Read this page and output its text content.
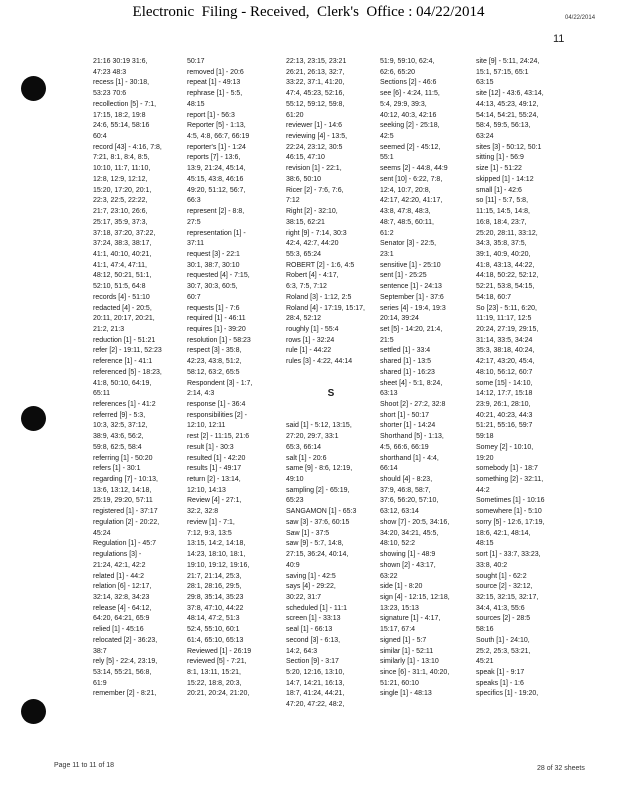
Electronic  Filing - Received,  Clerk's  Office : 04/22/2014	04/22/2014
11
21:16 30:19 31:6,
47:23 48:3
recess [1] - 30:18,
53:23 70:6
recollection [5] - 7:1,
17:15, 18:2, 19:8
24:6, 55:14, 58:16
60:4
record [43] - 4:16, 7:8,
7:21, 8:1, 8:4, 8:5,
10:10, 11:7, 11:10,
12:8, 12:9, 12:12,
15:20, 17:20, 20:1,
22:3, 22:5, 22:22,
21:7, 23:10, 26:6,
25:17, 35:9, 37:3,
37:18, 37:20, 37:22,
37:24, 38:3, 38:17,
41:1, 40:10, 40:21,
41:1, 47:4, 47:11,
48:12, 50:21, 51:1,
52:10, 51:5, 64:8
records [4] - 51:10
redacted [4] - 20:5,
20:11, 20:17, 20:21,
21:2, 21:3
reduction [1] - 51:21
refer [2] - 19:11, 52:23
reference [1] - 41:1
referenced [5] - 18:23,
41:8, 50:10, 64:19,
65:11
references [1] - 41:2
referred [9] - 5:3,
10:3, 32:5, 37:12,
38:9, 43:6, 56:2,
59:8, 62:5, 58:4
referring [1] - 50:20
refers [1] - 30:1
regarding [7] - 10:13,
13:6, 13:12, 14:18,
25:19, 29:20, 57:11
registered [1] - 37:17
regulation [2] - 20:22,
45:24
Regulation [1] - 45:7
regulations [3] -
21:24, 42:1, 42:2
related [1] - 44:2
relation [6] - 12:17,
32:14, 32:8, 34:23
release [4] - 64:12,
64:20, 64:21, 65:9
relied [1] - 45:16
relocated [2] - 36:23,
38:7
rely [5] - 22:4, 23:19,
53:14, 55:21, 56:8,
61:9
remember [2] - 8:21,
50:17
removed [1] - 20:6
repeat [1] - 49:13
rephrase [1] - 5:5,
48:15
report [1] - 56:3
Reporter [5] - 1:13,
4:5, 4:8, 66:7, 66:19
reporter's [1] - 1:24
reports [7] - 13:6,
13:9, 21:24, 45:14,
45:15, 43:8, 46:16
49:20, 51:12, 56:7,
66:3
represent [2] - 8:8,
27:5
representation [1] -
37:11
request [3] - 22:1
30:1, 38:7, 30:10
requested [4] - 7:15,
30:7, 30:3, 60:5,
60:7
requests [1] - 7:6
required [1] - 46:11
requires [1] - 39:20
resolution [1] - 58:23
respect [3] - 35:8,
42:23, 43:8, 51:2,
58:12, 63:2, 65:5
Respondent [3] - 1:7,
2:14, 4:3
response [1] - 36:4
responsibilities [2] -
12:10, 12:11
rest [2] - 11:15, 21:6
result [1] - 30:3
resulted [1] - 42:20
results [1] - 49:17
return [2] - 13:14,
12:10, 14:13
Review [4] - 27:1,
32:2, 32:8
review [1] - 7:1,
7:12, 9:3, 13:5
13:15, 14:2, 14:18,
14:23, 18:10, 18:1,
19:10, 19:12, 19:16,
21:7, 21:14, 25:3,
28:1, 28:16, 29:5,
29:8, 35:14, 35:23
37:8, 47:10, 44:22
48:14, 47:2, 51:3
52:4, 55:10, 60:1
61:4, 65:10, 65:13
Reviewed [1] - 26:19
reviewed [5] - 7:21,
8:1, 13:11, 15:21,
15:22, 18:8, 20:3,
20:21, 20:24, 21:20,
22:13, 23:15, 23:21
26:21, 26:13, 32:7,
33:22, 37:1, 41:20,
47:4, 45:23, 52:16,
55:12, 59:12, 59:8,
61:20
reviewer [1] - 14:6
reviewing [4] - 13:5,
22:24, 23:12, 30:5
46:15, 47:10
revision [1] - 22:1,
38:6, 50:10
Ricer [2] - 7:6, 7:6,
7:12
Right [2] - 32:10,
38:15, 62:21
right [9] - 7:14, 30:3
42:4, 42:7, 44:20
55:3, 65:24
ROBERT [2] - 1:6, 4:5
Robert [4] - 4:17,
6:3, 7:5, 7:12
Roland [3] - 1:12, 2:5
Roland [4] - 17:19, 15:17,
28:4, 52:12
roughly [1] - 55:4
rows [1] - 32:24
rule [1] - 44:22
rules [3] - 4:22, 44:14
S
said [1] - 5:12, 13:15,
27:20, 29:7, 33:1
65:3, 66:14
salt [1] - 20:6
same [9] - 8:6, 12:19,
49:10
sampling [2] - 65:19,
65:23
SANGAMON [1] - 65:3
saw [3] - 37:6, 60:15
Saw [1] - 37:5
saw [9] - 5:7, 14:8,
27:15, 36:24, 40:14,
40:9
saving [1] - 42:5
says [4] - 29:22,
30:22, 31:7
scheduled [1] - 11:1
screen [1] - 33:13
seal [1] - 66:13
second [3] - 6:13,
14:2, 64:3
Section [9] - 3:17
5:20, 12:16, 13:10,
14:7, 14:21, 16:13,
18:7, 41:24, 44:21,
47:20, 47:22, 48:2,
51:9, 59:10, 62:4,
62:6, 65:20
Sections [2] - 46:6
see [6] - 4:24, 11:5,
5:4, 29:9, 39:3,
40:12, 40:3, 42:16
seeking [2] - 25:18,
42:5
seemed [2] - 45:12,
55:1
seems [2] - 44:8, 44:9
sent [10] - 6:22, 7:8,
12:4, 10:7, 20:8,
42:17, 42:20, 41:17,
43:8, 47:8, 48:3,
48:7, 48:5, 60:11,
61:2
Senator [3] - 22:5,
23:1
sensitive [1] - 25:10
sent [1] - 25:25
sentence [1] - 24:13
September [1] - 37:6
series [4] - 19:4, 19:3
20:14, 39:24
set [5] - 14:20, 21:4,
21:5
settled [1] - 33:4
shared [1] - 13:5
shared [1] - 16:23
sheet [4] - 5:1, 8:24,
63:13
Shoot [2] - 27:2, 32:8
short [1] - 50:17
shorter [1] - 14:24
Shorthand [5] - 1:13,
4:5, 66:6, 66:19
shorthand [1] - 4:4,
66:14
should [4] - 8:23,
37:9, 46:8, 58:7,
37:6, 56:20, 57:10,
63:12, 63:14
show [7] - 20:5, 34:16,
34:20, 34:21, 45:5,
48:10, 52:2
showing [1] - 48:9
shown [2] - 43:17,
63:22
side [1] - 8:20
sign [4] - 12:15, 12:18,
13:23, 15:13
signature [1] - 4:17,
15:17, 67:4
signed [1] - 5:7
similar [1] - 52:11
similarly [1] - 13:10
since [6] - 31:1, 40:20,
51:21, 60:10
single [1] - 48:13
site [9] - 5:11, 24:24,
15:1, 57:15, 65:1
63:15
site [12] - 43:6, 43:14,
44:13, 45:23, 49:12,
54:14, 54:21, 55:24,
58:4, 59:5, 56:13,
63:24
sites [3] - 50:12, 50:1
sitting [1] - 56:9
size [1] - 51:22
skipped [1] - 14:12
small [1] - 42:6
so [11] - 5:7, 5:8,
11:15, 14:5, 14:8,
16:8, 18:4, 23:7,
25:20, 28:11, 33:12,
34:3, 35:8, 37:5,
39:1, 40:9, 40:20,
41:8, 43:13, 44:22,
44:18, 50:22, 52:12,
52:21, 53:8, 54:15,
54:18, 60:7
So [23] - 5:11, 6:20,
11:19, 11:17, 12:5
20:24, 27:19, 29:15,
31:14, 33:5, 34:24
35:3, 38:18, 40:24,
42:17, 43:20, 45:4,
48:10, 56:12, 60:7
some [15] - 14:10,
14:12, 17:7, 15:18
23:9, 26:1, 28:10,
40:21, 40:23, 44:3
51:21, 55:16, 59:7
59:18
Somey [2] - 10:10,
19:20
somebody [1] - 18:7
something [2] - 32:11,
44:2
Sometimes [1] - 10:16
somewhere [1] - 5:10
sorry [5] - 12:6, 17:19,
18:6, 42:1, 48:14,
48:15
sort [1] - 33:7, 33:23,
33:8, 40:2
sought [1] - 62:2
source [2] - 32:12,
32:15, 32:15, 32:17,
34:4, 41:3, 55:6
sources [2] - 28:5
58:16
South [1] - 24:10,
25:2, 25:3, 53:21,
45:21
speak [1] - 9:17
speaks [1] - 1:6
specifics [1] - 19:20,
Page 11 to 11 of 18	28 of 32 sheets
